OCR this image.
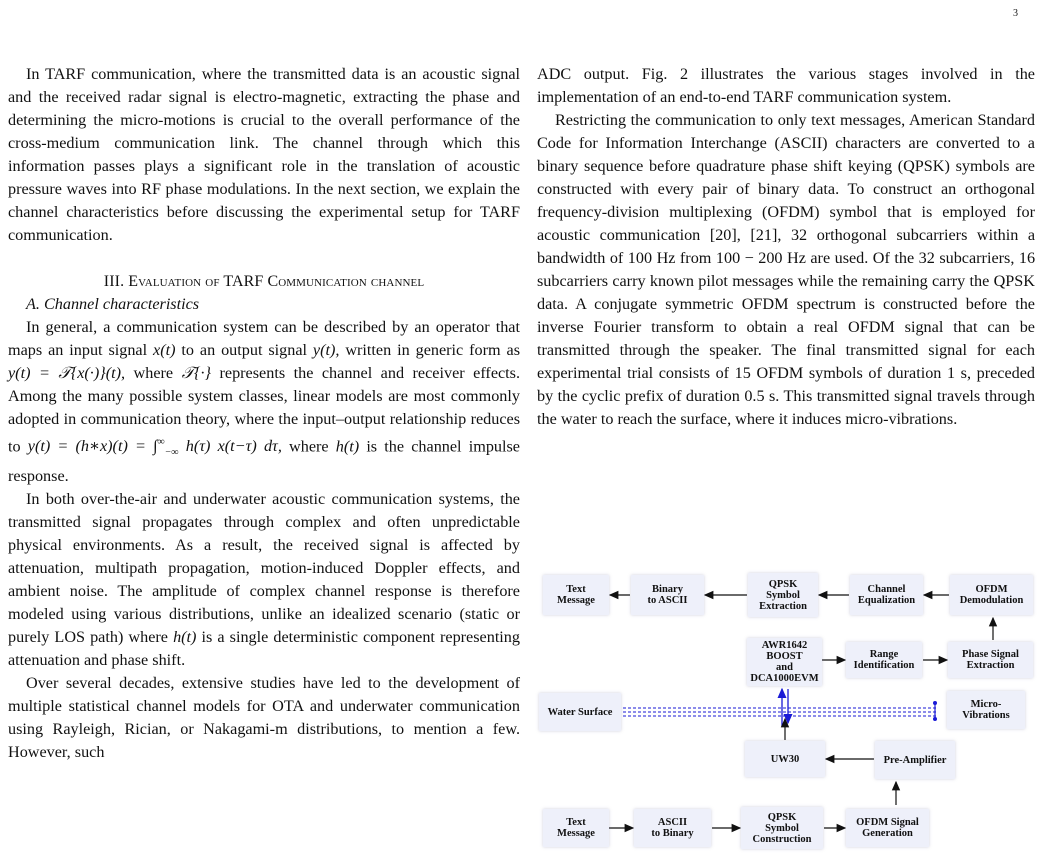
3

In TARF communication, where the transmitted data is an acoustic signal and the received radar signal is electro-magnetic, extracting the phase and determining the micro-motions is crucial to the overall performance of the cross-medium communication link. The channel through which this information passes plays a significant role in the translation of acoustic pressure waves into RF phase modulations. In the next section, we explain the channel characteristics before discussing the experimental setup for TARF communication.

III. Evaluation of TARF Communication channel

A. Channel characteristics

In general, a communication system can be described by an operator that maps an input signal x(t) to an output signal y(t), written in generic form as y(t) = 𝒯{x(·)}(t), where 𝒯{·} represents the channel and receiver effects. Among the many possible system classes, linear models are most commonly adopted in communication theory, where the input–output relationship reduces to y(t) = (h∗x)(t) = $\int^\infty_{-\infty}$ h(τ) x(t−τ) dτ, where h(t) is the channel impulse response.

In both over-the-air and underwater acoustic communication systems, the transmitted signal propagates through complex and often unpredictable physical environments. As a result, the received signal is affected by attenuation, multipath propagation, motion-induced Doppler effects, and ambient noise. The amplitude of complex channel response is therefore modeled using various distributions, unlike an idealized scenario (static or purely LOS path) where h(t) is a single deterministic component representing attenuation and phase shift.

Over several decades, extensive studies have led to the development of multiple statistical channel models for OTA and underwater communication using Rayleigh, Rician, or Nakagami-m distributions, to mention a few. However, such

ADC output. Fig. 2 illustrates the various stages involved in the implementation of an end-to-end TARF communication system.

Restricting the communication to only text messages, American Standard Code for Information Interchange (ASCII) characters are converted to a binary sequence before quadrature phase shift keying (QPSK) symbols are constructed with every pair of binary data. To construct an orthogonal frequency-division multiplexing (OFDM) symbol that is employed for acoustic communication [20], [21], 32 orthogonal subcarriers within a bandwidth of 100 Hz from 100 − 200 Hz are used. Of the 32 subcarriers, 16 subcarriers carry known pilot messages while the remaining carry the QPSK data. A conjugate symmetric OFDM spectrum is constructed before the inverse Fourier transform to obtain a real OFDM signal that can be transmitted through the speaker. The final transmitted signal for each experimental trial consists of 15 OFDM symbols of duration 1 s, preceded by the cyclic prefix of duration 0.5 s. This transmitted signal travels through the water to reach the surface, where it induces micro-vibrations.

Text
Message
Binary
to ASCII
QPSK
Symbol
Extraction
Channel
Equalization
OFDM
Demodulation
AWR1642
BOOST
and
DCA1000EVM
Range
Identification
Phase Signal
Extraction
Water Surface
Micro-
Vibrations
UW30	Pre-Amplifier
Text
Message
ASCII
to Binary
QPSK
Symbol
Construction
OFDM Signal
Generation
